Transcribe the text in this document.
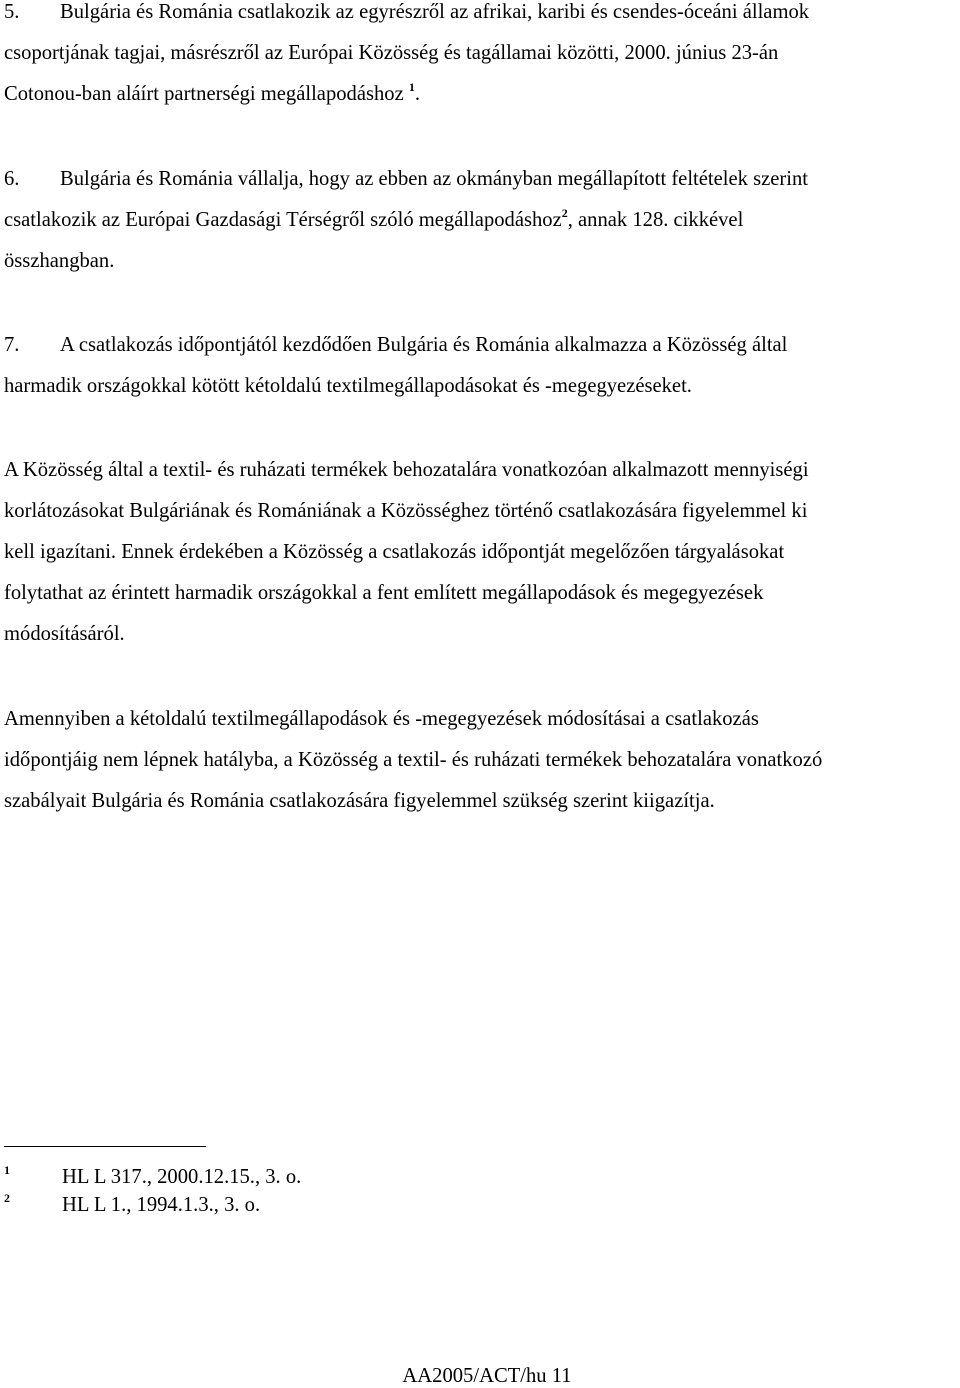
5. Bulgária és Románia csatlakozik az egyrészről az afrikai, karibi és csendes-óceáni államok
csoportjának tagjai, másrészről az Európai Közösség és tagállamai közötti, 2000. június 23-án
Cotonou-ban aláírt partnerségi megállapodáshoz $^1$.
6. Bulgária és Románia vállalja, hogy az ebben az okmányban megállapított feltételek szerint
csatlakozik az Európai Gazdasági Térségről szóló megállapodáshoz$^2$, annak 128. cikkével
összhangban.
7. A csatlakozás időpontjától kezdődően Bulgária és Románia alkalmazza a Közösség által
harmadik országokkal kötött kétoldalú textilmegállapodásokat és -megegyezéseket.
A Közösség által a textil- és ruházati termékek behozatalára vonatkozóan alkalmazott mennyiségi
korlátozásokat Bulgáriának és Romániának a Közösséghez történő csatlakozására figyelemmel ki
kell igazítani. Ennek érdekében a Közösség a csatlakozás időpontját megelőzően tárgyalásokat
folytathat az érintett harmadik országokkal a fent említett megállapodások és megegyezések
módosításáról.
Amennyiben a kétoldalú textilmegállapodások és -megegyezések módosításai a csatlakozás
időpontjáig nem lépnek hatályba, a Közösség a textil- és ruházati termékek behozatalára vonatkozó
szabályait Bulgária és Románia csatlakozására figyelemmel szükség szerint kiigazítja.
1	HL L 317., 2000.12.15., 3. o.
2	HL L 1., 1994.1.3., 3. o.
AA2005/ACT/hu 11
